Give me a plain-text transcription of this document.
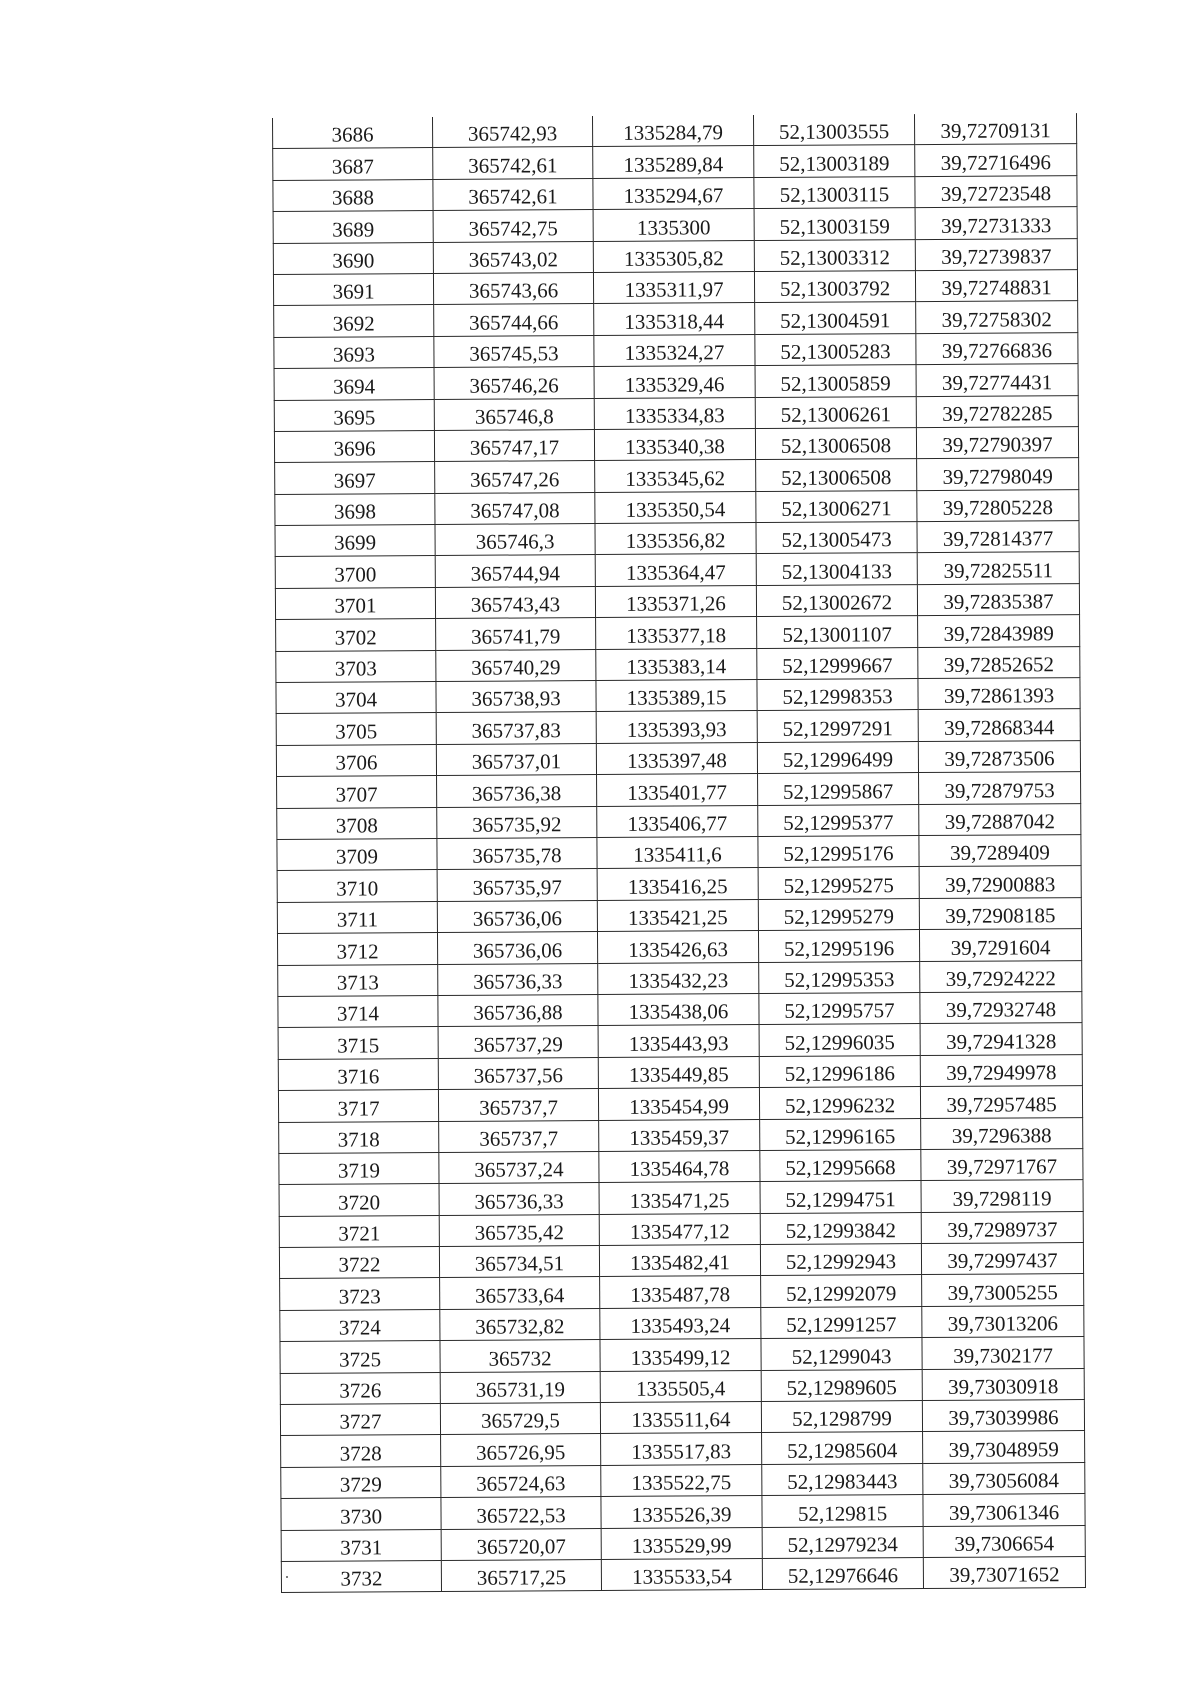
3686	365742,93	1335284,79	52,13003555	39,72709131
3687	365742,61	1335289,84	52,13003189	39,72716496
3688	365742,61	1335294,67	52,13003115	39,72723548
3689	365742,75	1335300	52,13003159	39,72731333
3690	365743,02	1335305,82	52,13003312	39,72739837
3691	365743,66	1335311,97	52,13003792	39,72748831
3692	365744,66	1335318,44	52,13004591	39,72758302
3693	365745,53	1335324,27	52,13005283	39,72766836
3694	365746,26	1335329,46	52,13005859	39,72774431
3695	365746,8	1335334,83	52,13006261	39,72782285
3696	365747,17	1335340,38	52,13006508	39,72790397
3697	365747,26	1335345,62	52,13006508	39,72798049
3698	365747,08	1335350,54	52,13006271	39,72805228
3699	365746,3	1335356,82	52,13005473	39,72814377
3700	365744,94	1335364,47	52,13004133	39,72825511
3701	365743,43	1335371,26	52,13002672	39,72835387
3702	365741,79	1335377,18	52,13001107	39,72843989
3703	365740,29	1335383,14	52,12999667	39,72852652
3704	365738,93	1335389,15	52,12998353	39,72861393
3705	365737,83	1335393,93	52,12997291	39,72868344
3706	365737,01	1335397,48	52,12996499	39,72873506
3707	365736,38	1335401,77	52,12995867	39,72879753
3708	365735,92	1335406,77	52,12995377	39,72887042
3709	365735,78	1335411,6	52,12995176	39,7289409
3710	365735,97	1335416,25	52,12995275	39,72900883
3711	365736,06	1335421,25	52,12995279	39,72908185
3712	365736,06	1335426,63	52,12995196	39,7291604
3713	365736,33	1335432,23	52,12995353	39,72924222
3714	365736,88	1335438,06	52,12995757	39,72932748
3715	365737,29	1335443,93	52,12996035	39,72941328
3716	365737,56	1335449,85	52,12996186	39,72949978
3717	365737,7	1335454,99	52,12996232	39,72957485
3718	365737,7	1335459,37	52,12996165	39,7296388
3719	365737,24	1335464,78	52,12995668	39,72971767
3720	365736,33	1335471,25	52,12994751	39,7298119
3721	365735,42	1335477,12	52,12993842	39,72989737
3722	365734,51	1335482,41	52,12992943	39,72997437
3723	365733,64	1335487,78	52,12992079	39,73005255
3724	365732,82	1335493,24	52,12991257	39,73013206
3725	365732	1335499,12	52,1299043	39,7302177
3726	365731,19	1335505,4	52,12989605	39,73030918
3727	365729,5	1335511,64	52,1298799	39,73039986
3728	365726,95	1335517,83	52,12985604	39,73048959
3729	365724,63	1335522,75	52,12983443	39,73056084
3730	365722,53	1335526,39	52,129815	39,73061346
3731	365720,07	1335529,99	52,12979234	39,7306654
3732	365717,25	1335533,54	52,12976646	39,73071652
